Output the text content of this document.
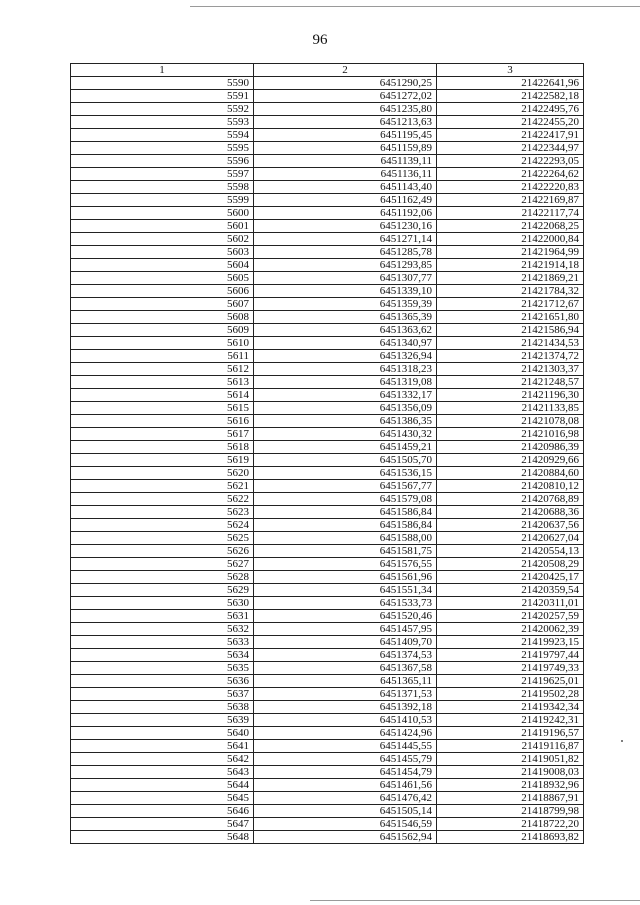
96
1	2	3
5590	6451290,25	21422641,96
5591	6451272,02	21422582,18
5592	6451235,80	21422495,76
5593	6451213,63	21422455,20
5594	6451195,45	21422417,91
5595	6451159,89	21422344,97
5596	6451139,11	21422293,05
5597	6451136,11	21422264,62
5598	6451143,40	21422220,83
5599	6451162,49	21422169,87
5600	6451192,06	21422117,74
5601	6451230,16	21422068,25
5602	6451271,14	21422000,84
5603	6451285,78	21421964,99
5604	6451293,85	21421914,18
5605	6451307,77	21421869,21
5606	6451339,10	21421784,32
5607	6451359,39	21421712,67
5608	6451365,39	21421651,80
5609	6451363,62	21421586,94
5610	6451340,97	21421434,53
5611	6451326,94	21421374,72
5612	6451318,23	21421303,37
5613	6451319,08	21421248,57
5614	6451332,17	21421196,30
5615	6451356,09	21421133,85
5616	6451386,35	21421078,08
5617	6451430,32	21421016,98
5618	6451459,21	21420986,39
5619	6451505,70	21420929,66
5620	6451536,15	21420884,60
5621	6451567,77	21420810,12
5622	6451579,08	21420768,89
5623	6451586,84	21420688,36
5624	6451586,84	21420637,56
5625	6451588,00	21420627,04
5626	6451581,75	21420554,13
5627	6451576,55	21420508,29
5628	6451561,96	21420425,17
5629	6451551,34	21420359,54
5630	6451533,73	21420311,01
5631	6451520,46	21420257,59
5632	6451457,95	21420062,39
5633	6451409,70	21419923,15
5634	6451374,53	21419797,44
5635	6451367,58	21419749,33
5636	6451365,11	21419625,01
5637	6451371,53	21419502,28
5638	6451392,18	21419342,34
5639	6451410,53	21419242,31
5640	6451424,96	21419196,57
5641	6451445,55	21419116,87
5642	6451455,79	21419051,82
5643	6451454,79	21419008,03
5644	6451461,56	21418932,96
5645	6451476,42	21418867,91
5646	6451505,14	21418799,98
5647	6451546,59	21418722,20
5648	6451562,94	21418693,82
